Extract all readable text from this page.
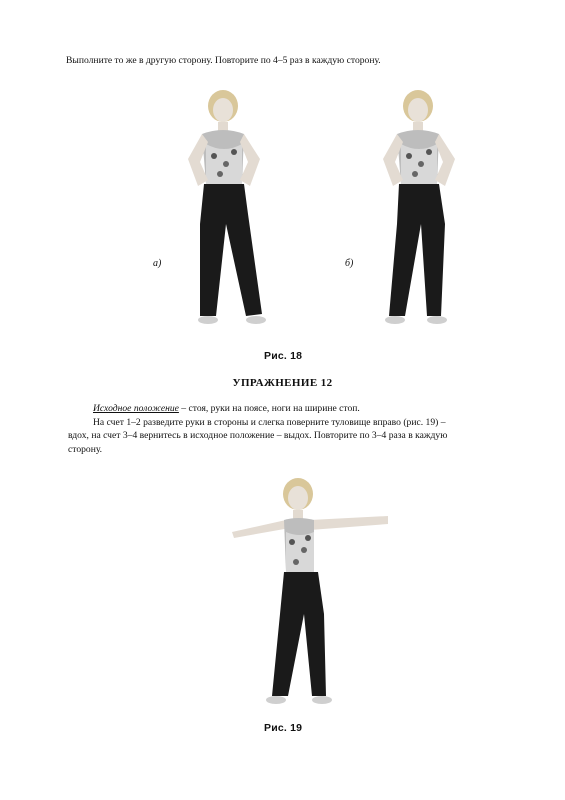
Выполните то же в другую сторону. Повторите по 4–5 раз в каждую сторону.
а)	б)
Рис. 18
УПРАЖНЕНИЕ 12

Исходное положение – стоя, руки на поясе, ноги на ширине стоп.

На счет 1–2 разведите руки в стороны и слегка поверните туловище вправо (рис. 19) –

вдох, на счет 3–4 вернитесь в исходное положение – выдох. Повторите по 3–4 раза в каждую
сторону.
Рис. 19
